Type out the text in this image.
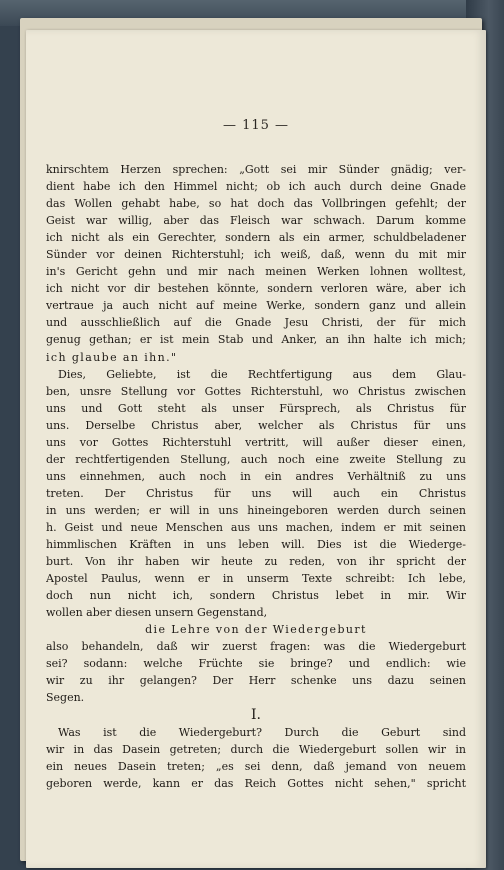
— 115 —
knirschtem Herzen sprechen: „Gott sei mir Sünder gnädig; ver-
dient habe ich den Himmel nicht; ob ich auch durch deine Gnade
das Wollen gehabt habe, so hat doch das Vollbringen gefehlt; der
Geist war willig, aber das Fleisch war schwach. Darum komme
ich nicht als ein Gerechter, sondern als ein armer, schuldbeladener
Sünder vor deinen Richterstuhl; ich weiß, daß, wenn du mit mir
in's Gericht gehn und mir nach meinen Werken lohnen wolltest,
ich nicht vor dir bestehen könnte, sondern verloren wäre, aber ich
vertraue ja auch nicht auf meine Werke, sondern ganz und allein
und ausschließlich auf die Gnade Jesu Christi, der für mich
genug gethan; er ist mein Stab und Anker, an ihn halte ich mich;
ich glaube an ihn."
Dies, Geliebte, ist die Rechtfertigung aus dem Glau-
ben, unsre Stellung vor Gottes Richterstuhl, wo Christus zwischen
uns und Gott steht als unser Fürsprech, als Christus für
uns. Derselbe Christus aber, welcher als Christus für uns
uns vor Gottes Richterstuhl vertritt, will außer dieser einen,
der rechtfertigenden Stellung, auch noch eine zweite Stellung zu
uns einnehmen, auch noch in ein andres Verhältniß zu uns
treten. Der Christus für uns will auch ein Christus
in uns werden; er will in uns hineingeboren werden durch seinen
h. Geist und neue Menschen aus uns machen, indem er mit seinen
himmlischen Kräften in uns leben will. Dies ist die Wiederge-
burt. Von ihr haben wir heute zu reden, von ihr spricht der
Apostel Paulus, wenn er in unserm Texte schreibt: Ich lebe,
doch nun nicht ich, sondern Christus lebet in mir. Wir
wollen aber diesen unsern Gegenstand,
die Lehre von der Wiedergeburt
also behandeln, daß wir zuerst fragen: was die Wiedergeburt
sei? sodann: welche Früchte sie bringe? und endlich: wie
wir zu ihr gelangen? Der Herr schenke uns dazu seinen
Segen.
I.
Was ist die Wiedergeburt? Durch die Geburt sind
wir in das Dasein getreten; durch die Wiedergeburt sollen wir in
ein neues Dasein treten; „es sei denn, daß jemand von neuem
geboren werde, kann er das Reich Gottes nicht sehen," spricht
